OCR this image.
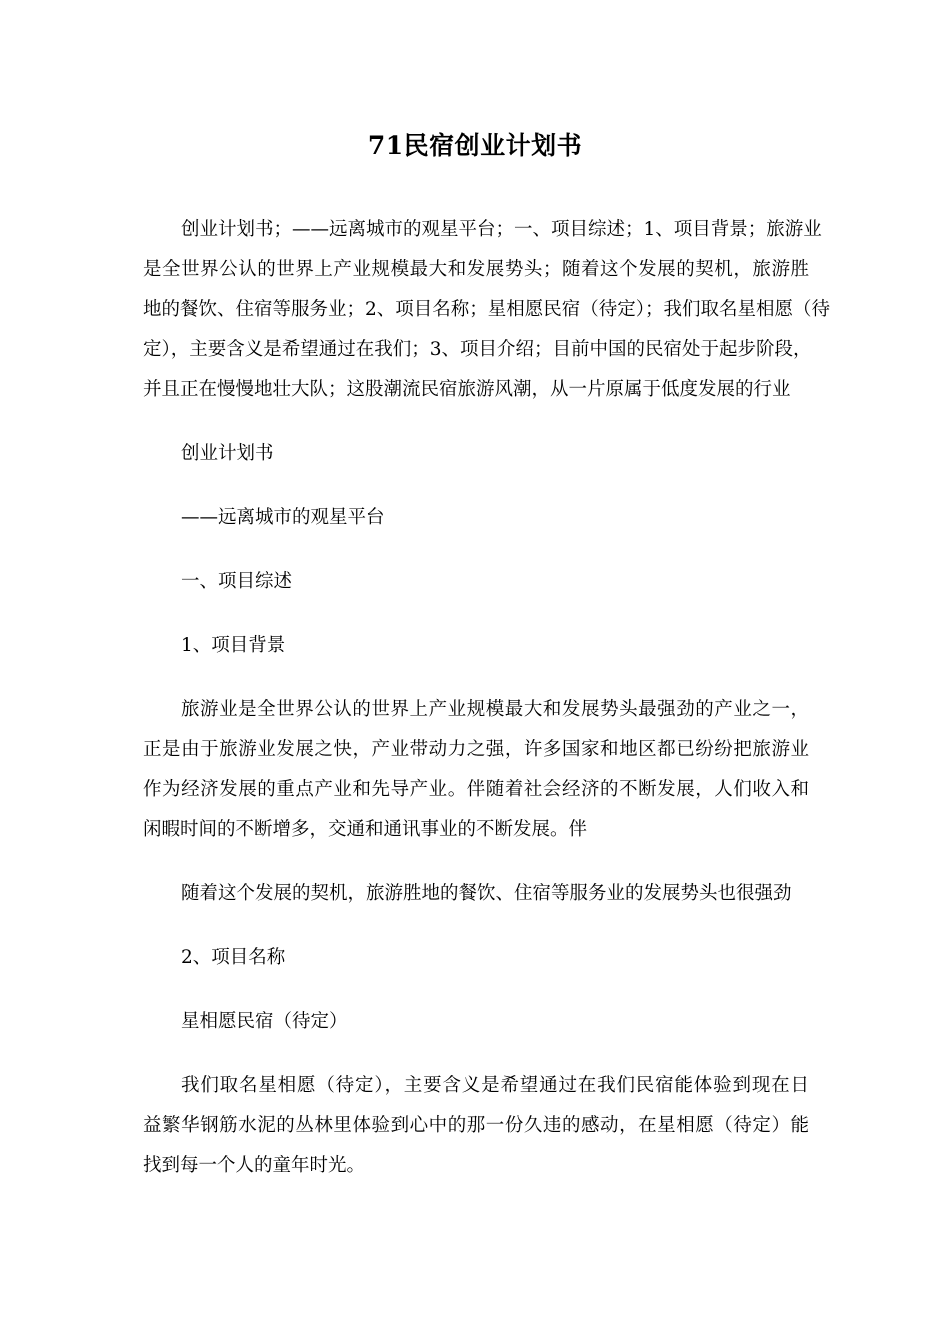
71民宿创业计划书
创业计划书；——远离城市的观星平台；一、项目综述；1、项目背景；旅游业
是全世界公认的世界上产业规模最大和发展势头；随着这个发展的契机，旅游胜
地的餐饮、住宿等服务业；2、项目名称；星相愿民宿（待定）；我们取名星相愿（待
定），主要含义是希望通过在我们；3、项目介绍；目前中国的民宿处于起步阶段，
并且正在慢慢地壮大队；这股潮流民宿旅游风潮，从一片原属于低度发展的行业
创业计划书
——远离城市的观星平台
一、项目综述
1、项目背景
旅游业是全世界公认的世界上产业规模最大和发展势头最强劲的产业之一，
正是由于旅游业发展之快，产业带动力之强，许多国家和地区都已纷纷把旅游业
作为经济发展的重点产业和先导产业。伴随着社会经济的不断发展，人们收入和
闲暇时间的不断增多，交通和通讯事业的不断发展。伴
随着这个发展的契机，旅游胜地的餐饮、住宿等服务业的发展势头也很强劲
2、项目名称
星相愿民宿（待定）
我们取名星相愿（待定），主要含义是希望通过在我们民宿能体验到现在日
益繁华钢筋水泥的丛林里体验到心中的那一份久违的感动，在星相愿（待定）能
找到每一个人的童年时光。
